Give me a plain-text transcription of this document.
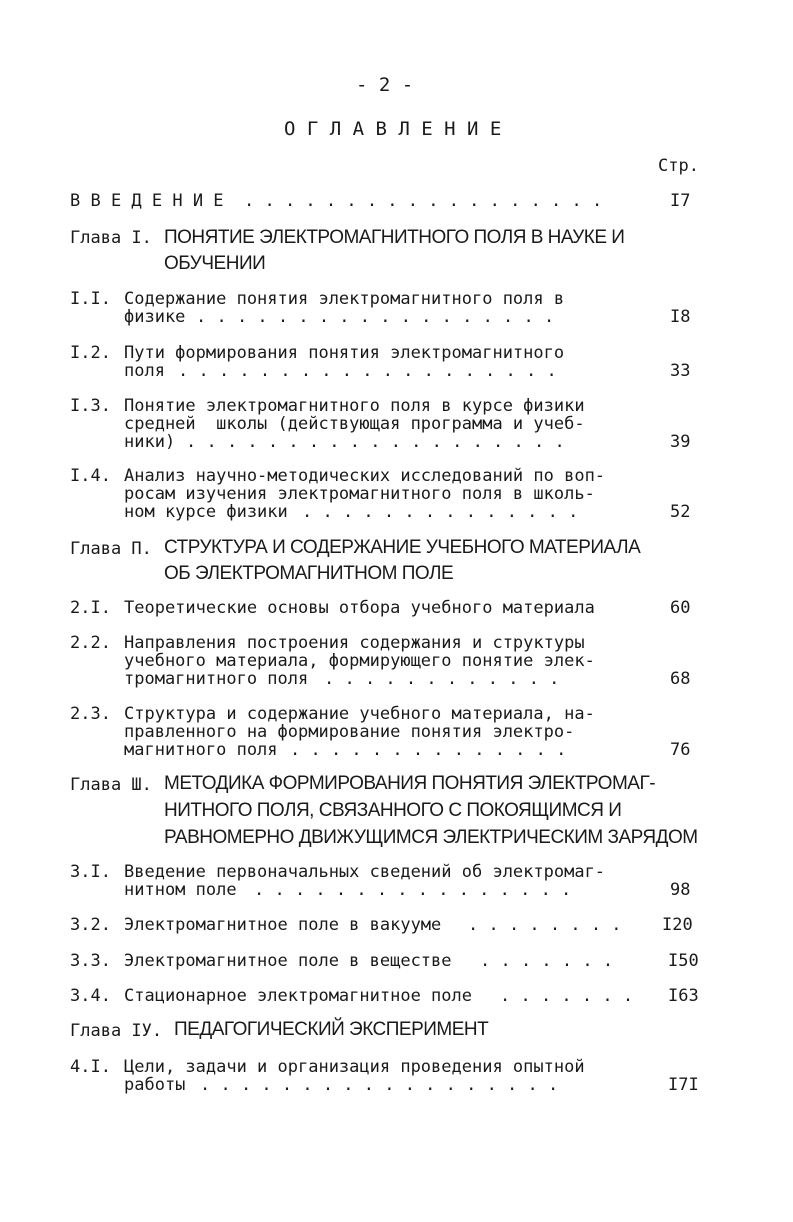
- 2 -
О Г Л А В Л Е Н И Е
Стр.
В В Е Д Е Н И Е . . . . . . . . . . . . . . . . . .	I7
Глава I. ПОНЯТИЕ ЭЛЕКТРОМАГНИТНОГО ПОЛЯ В НАУКЕ И
ОБУЧЕНИИ
I.I. Содержание понятия электромагнитного поля в
физике . . . . . . . . . . . . . . . . . .	I8
I.2. Пути формирования понятия электромагнитного
поля . . . . . . . . . . . . . . . . . . .	33
I.3. Понятие электромагнитного поля в курсе физики
средней  школы (действующая программа и учеб-
ники) . . . . . . . . . . . . . . . . . . .	39
I.4. Анализ научно-методических исследований по воп-
росам изучения электромагнитного поля в школь-
ном курсе физики . . . . . . . . . . . . . .	52
Глава П. СТРУКТУРА И СОДЕРЖАНИЕ УЧЕБНОГО МАТЕРИАЛА
ОБ ЭЛЕКТРОМАГНИТНОМ ПОЛЕ
2.I. Теоретические основы отбора учебного материала	60
2.2. Направления построения содержания и структуры
учебного материала, формирующего понятие элек-
тромагнитного поля . . . . . . . . . . . .	68
2.3. Структура и содержание учебного материала, на-
правленного на формирование понятия электро-
магнитного поля . . . . . . . . . . . . . .	76
Глава Ш. МЕТОДИКА ФОРМИРОВАНИЯ ПОНЯТИЯ ЭЛЕКТРОМАГ-
НИТНОГО ПОЛЯ, СВЯЗАННОГО С ПОКОЯЩИМСЯ И
РАВНОМЕРНО ДВИЖУЩИМСЯ ЭЛЕКТРИЧЕСКИМ ЗАРЯДОМ
3.I. Введение первоначальных сведений об электромаг-
нитном поле . . . . . . . . . . . . . . . .	98
3.2. Электромагнитное поле в вакууме . . . . . . . . I20
3.3. Электромагнитное поле в веществе . . . . . . .	I50
3.4. Стационарное электромагнитное поле . . . . . . . I63
Глава IУ. ПЕДАГОГИЧЕСКИЙ ЭКСПЕРИМЕНТ
4.I. Цели, задачи и организация проведения опытной
работы . . . . . . . . . . . . . . . . . .	I7I
